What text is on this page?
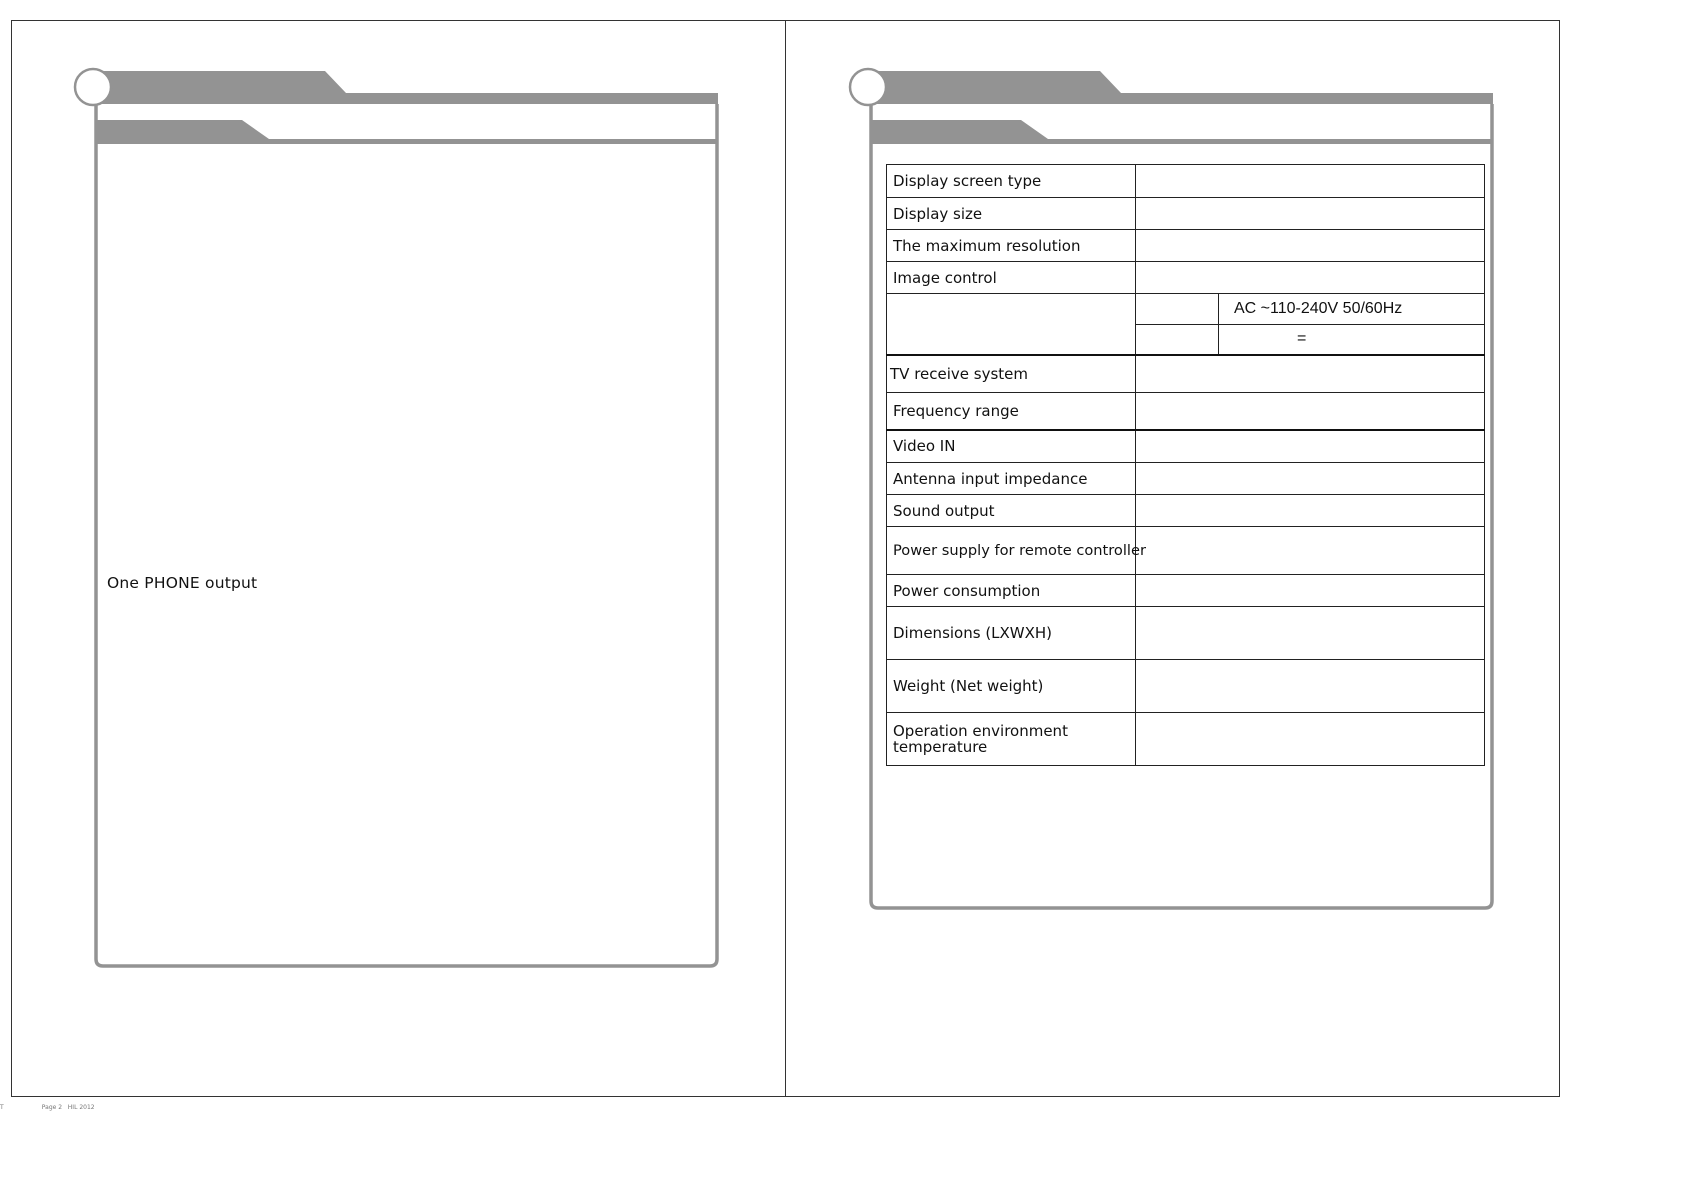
One PHONE output
Display screen type		
Display size		
The maximum resolution		
Image control		
		AC ~110-240V 50/60Hz
		=
TV receive system		
Frequency range		
Video IN		
Antenna input impedance		
Sound output		
Power supply for remote controller		
Power consumption		
Dimensions (LXWXH)		
Weight (Net weight)		
Operation environment temperature		
T                    Page 2   HIL 2012
